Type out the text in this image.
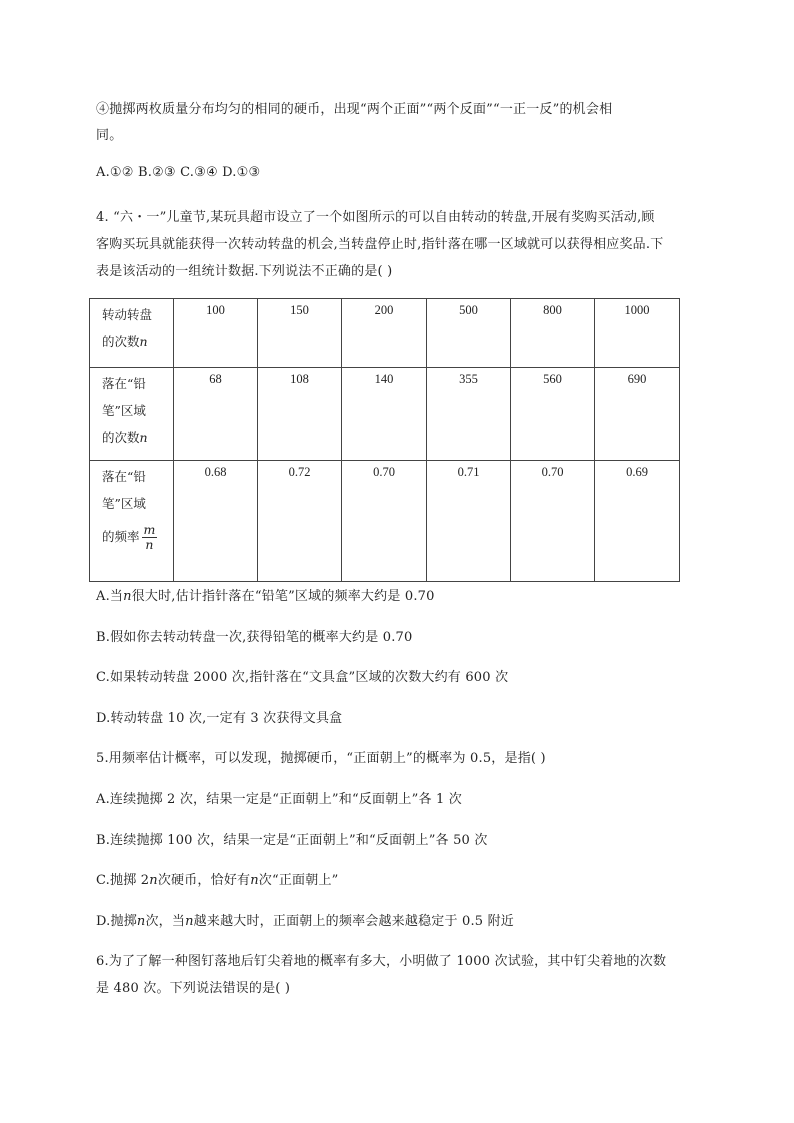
④抛掷两枚质量分布均匀的相同的硬币，出现“两个正面”“两个反面”“一正一反”的机会相
同。
A.①② B.②③ C.③④ D.①③
4. “六・一”儿童节,某玩具超市设立了一个如图所示的可以自由转动的转盘,开展有奖购买活动,顾
客购买玩具就能获得一次转动转盘的机会,当转盘停止时,指针落在哪一区域就可以获得相应奖品.下
表是该活动的一组统计数据.下列说法不正确的是( )
转动转盘
的次数n	100	150	200	500	800	1000

落在“铅
笔”区域
的次数n	68	108	140	355	560	690

落在“铅
笔”区域
的频率 $\frac{m}{n}$	0.68	0.72	0.70	0.71	0.70	0.69
A.当n很大时,估计指针落在“铅笔”区域的频率大约是 0.70
B.假如你去转动转盘一次,获得铅笔的概率大约是 0.70
C.如果转动转盘 2000 次,指针落在“文具盒”区域的次数大约有 600 次
D.转动转盘 10 次,一定有 3 次获得文具盒
5.用频率估计概率，可以发现，抛掷硬币，“正面朝上”的概率为 0.5，是指( )
A.连续抛掷 2 次，结果一定是“正面朝上”和“反面朝上”各 1 次
B.连续抛掷 100 次，结果一定是“正面朝上”和“反面朝上”各 50 次
C.抛掷 2n次硬币，恰好有n次“正面朝上”
D.抛掷n次，当n越来越大时，正面朝上的频率会越来越稳定于 0.5 附近
6.为了了解一种图钉落地后钉尖着地的概率有多大，小明做了 1000 次试验，其中钉尖着地的次数
是 480 次。下列说法错误的是( )
